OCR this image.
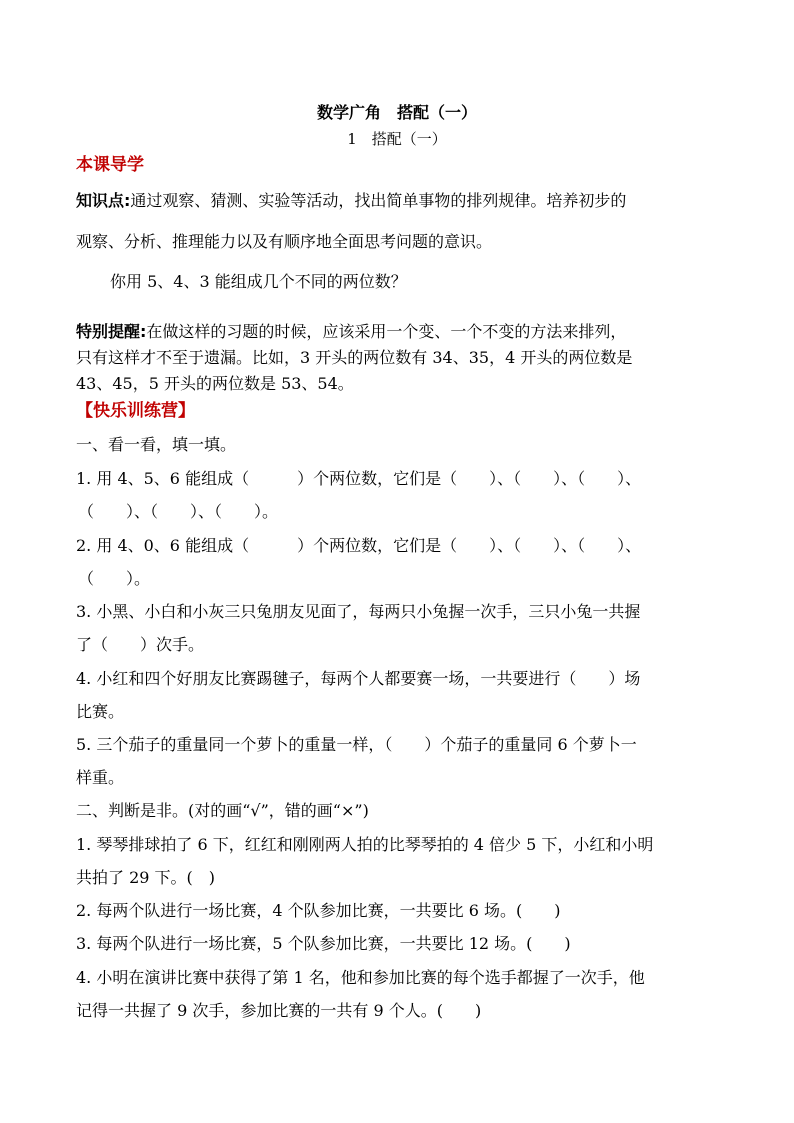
数学广角　搭配（一）
1　搭配（一）
本课导学
知识点:通过观察、猜测、实验等活动，找出简单事物的排列规律。培养初步的
观察、分析、推理能力以及有顺序地全面思考问题的意识。
你用 5、4、3 能组成几个不同的两位数？
特别提醒:在做这样的习题的时候，应该采用一个变、一个不变的方法来排列，
只有这样才不至于遗漏。比如，3 开头的两位数有 34、35，4 开头的两位数是
43、45，5 开头的两位数是 53、54。
【快乐训练营】
一、看一看，填一填。
1. 用 4、5、6 能组成（　　　）个两位数，它们是（　　）、（　　）、（　　）、
（　　）、（　　）、（　　）。
2. 用 4、0、6 能组成（　　　）个两位数，它们是（　　）、（　　）、（　　）、
（　　）。
3. 小黑、小白和小灰三只兔朋友见面了，每两只小兔握一次手，三只小兔一共握
了（　　）次手。
4. 小红和四个好朋友比赛踢毽子，每两个人都要赛一场，一共要进行（　　）场
比赛。
5. 三个茄子的重量同一个萝卜的重量一样，（　　）个茄子的重量同 6 个萝卜一
样重。
二、判断是非。(对的画“√”，错的画“×”)
1. 琴琴排球拍了 6 下，红红和刚刚两人拍的比琴琴拍的 4 倍少 5 下，小红和小明
共拍了 29 下。(　)
2. 每两个队进行一场比赛，4 个队参加比赛，一共要比 6 场。(　　)
3. 每两个队进行一场比赛，5 个队参加比赛，一共要比 12 场。(　　)
4. 小明在演讲比赛中获得了第 1 名，他和参加比赛的每个选手都握了一次手，他
记得一共握了 9 次手，参加比赛的一共有 9 个人。(　　)
